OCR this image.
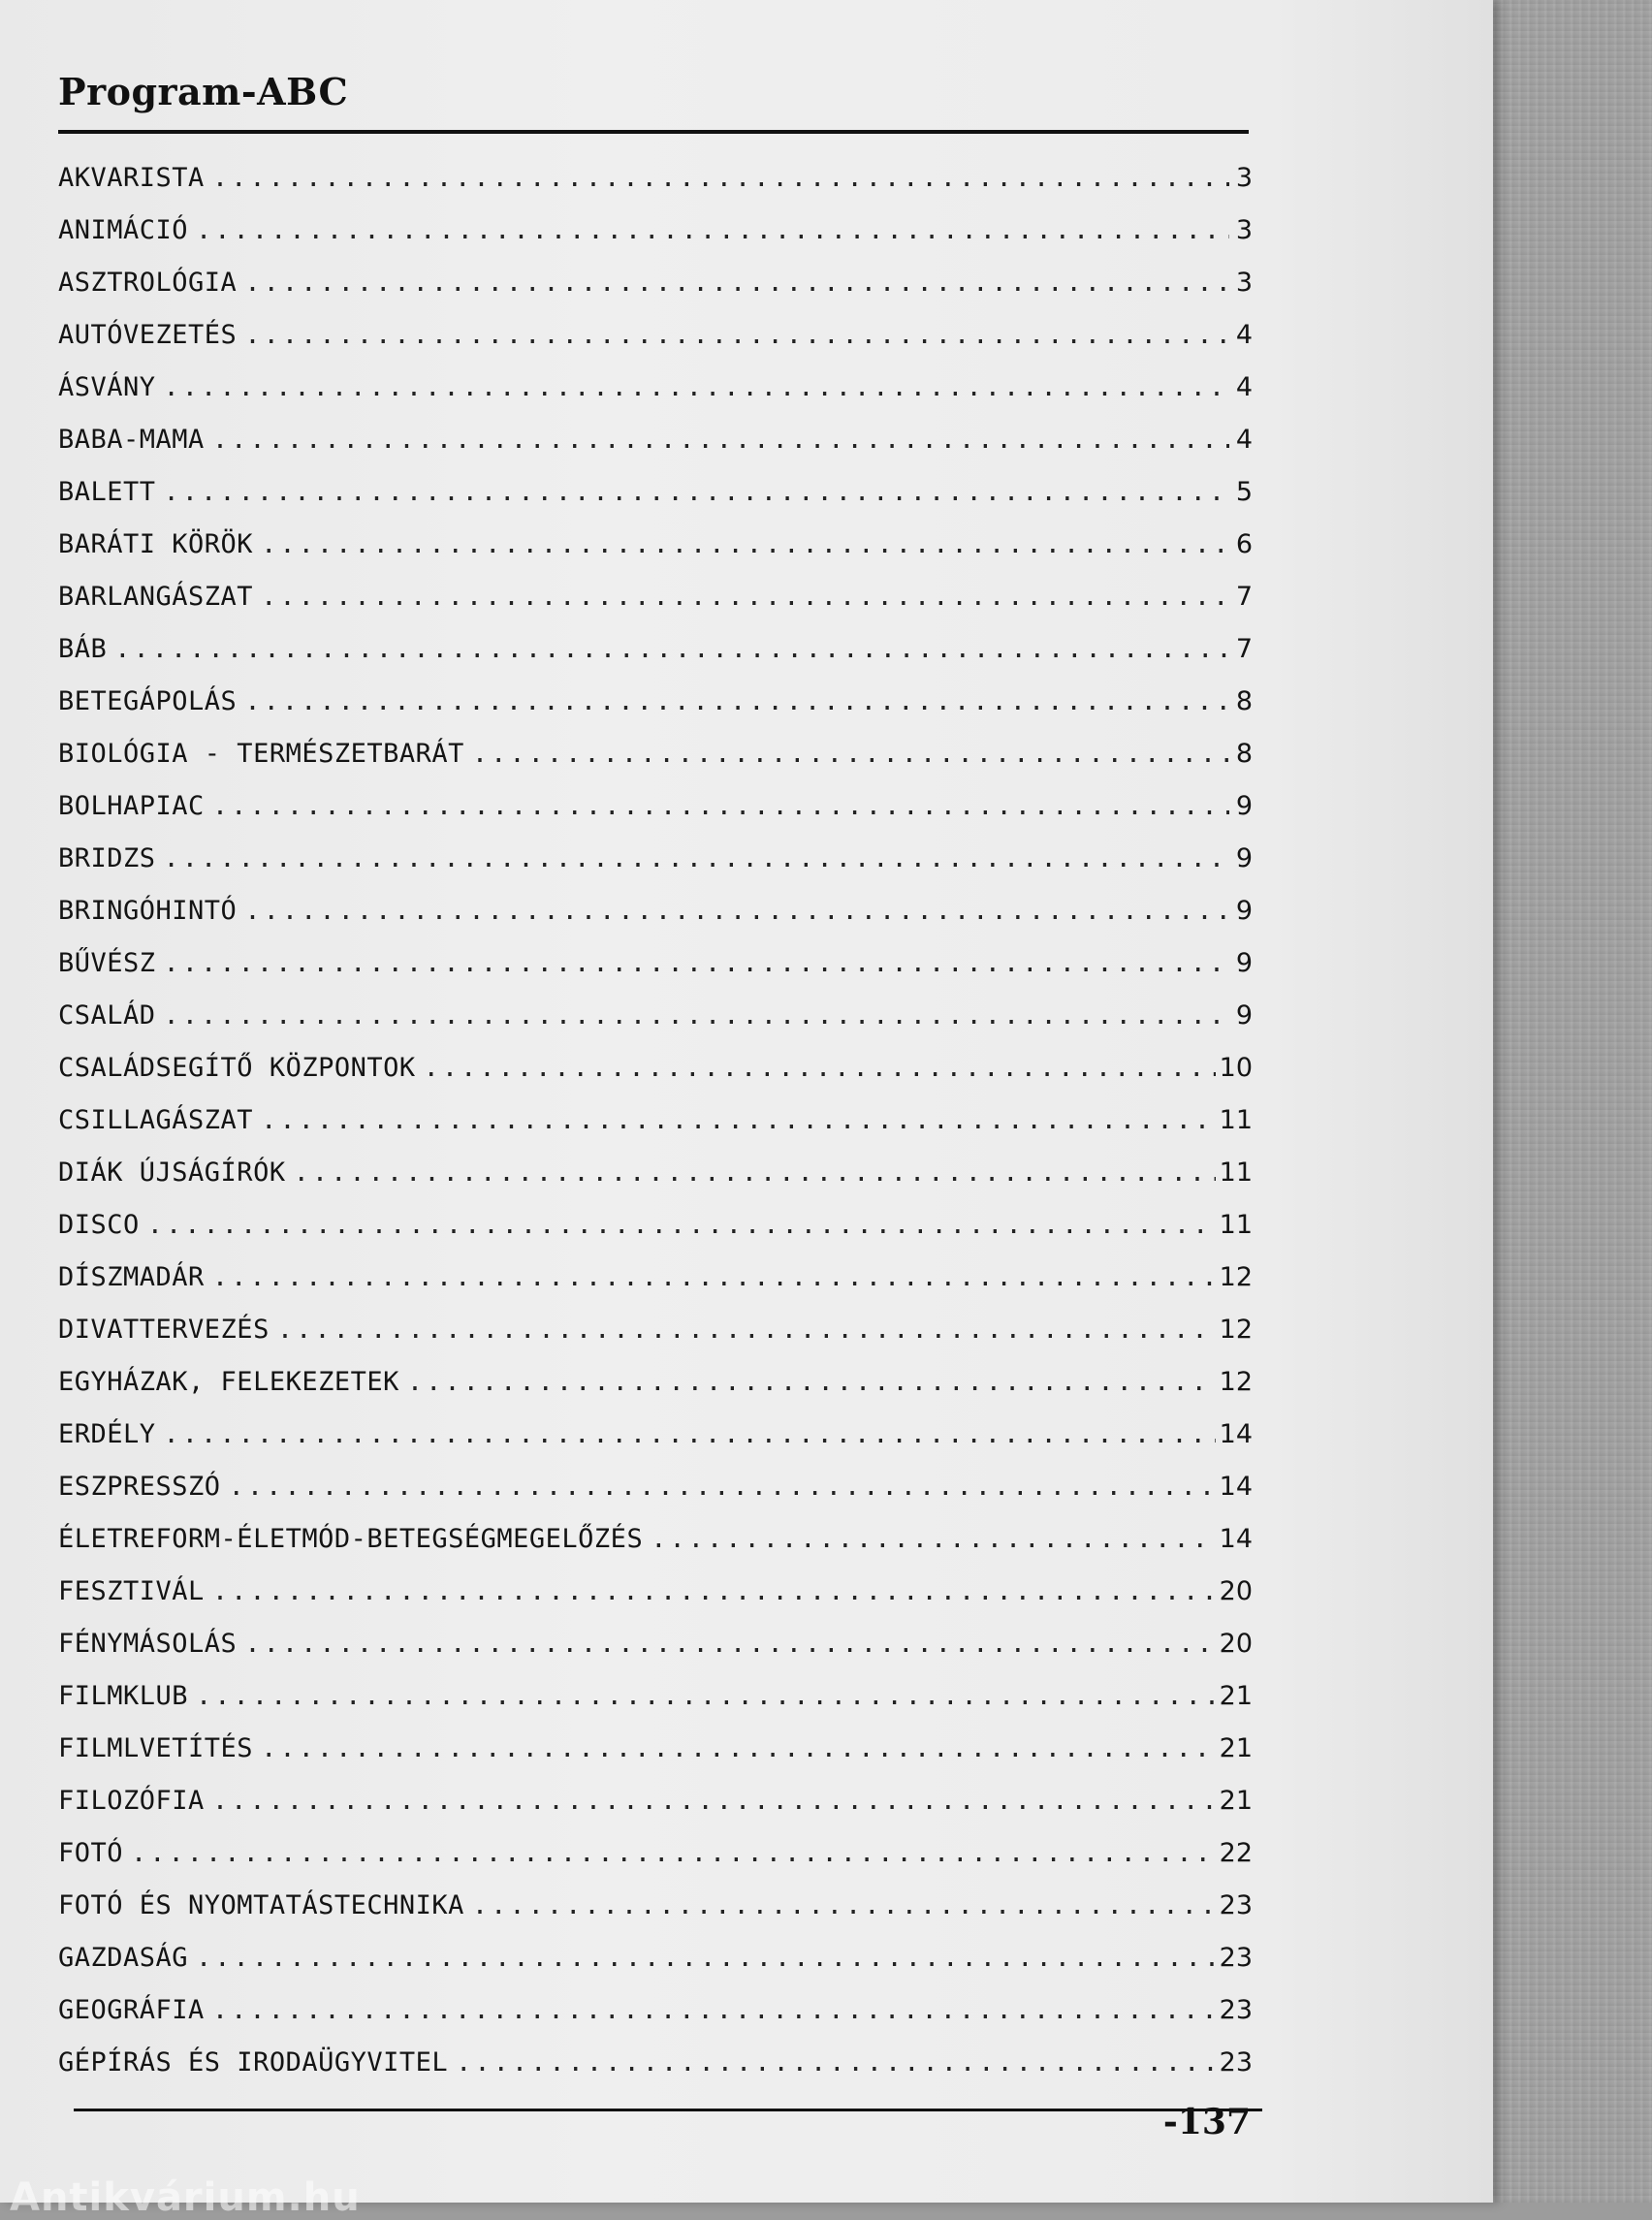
Program-ABC
AKVARISTA .....	3
ANIMÁCIÓ .....	3
ASZTROLÓGIA .....	3
AUTÓVEZETÉS .....	4
ÁSVÁNY .....	4
BABA-MAMA .....	4
BALETT .....	5
BARÁTI KÖRÖK .....	6
BARLANGÁSZAT .....	7
BÁB .....	7
BETEGÁPOLÁS .....	8
BIOLÓGIA - TERMÉSZETBARÁT .....	8
BOLHAPIAC .....	9
BRIDZS .....	9
BRINGÓHINTÓ .....	9
BŰVÉSZ .....	9
CSALÁD .....	9
CSALÁDSEGÍTŐ KÖZPONTOK .....	10
CSILLAGÁSZAT .....	11
DIÁK ÚJSÁGÍRÓK .....	11
DISCO .....	11
DÍSZMADÁR .....	12
DIVATTERVEZÉS .....	12
EGYHÁZAK, FELEKEZETEK .....	12
ERDÉLY .....	14
ESZPRESSZÓ .....	14
ÉLETREFORM-ÉLETMÓD-BETEGSÉGMEGELŐZÉS .....	14
FESZTIVÁL .....	20
FÉNYMÁSOLÁS .....	20
FILMKLUB .....	21
FILMLVETÍTÉS .....	21
FILOZÓFIA .....	21
FOTÓ .....	22
FOTÓ ÉS NYOMTATÁSTECHNIKA .....	23
GAZDASÁG .....	23
GEOGRÁFIA .....	23
GÉPÍRÁS ÉS IRODAÜGYVITEL .....	23
-137
Antikvárium.hu
